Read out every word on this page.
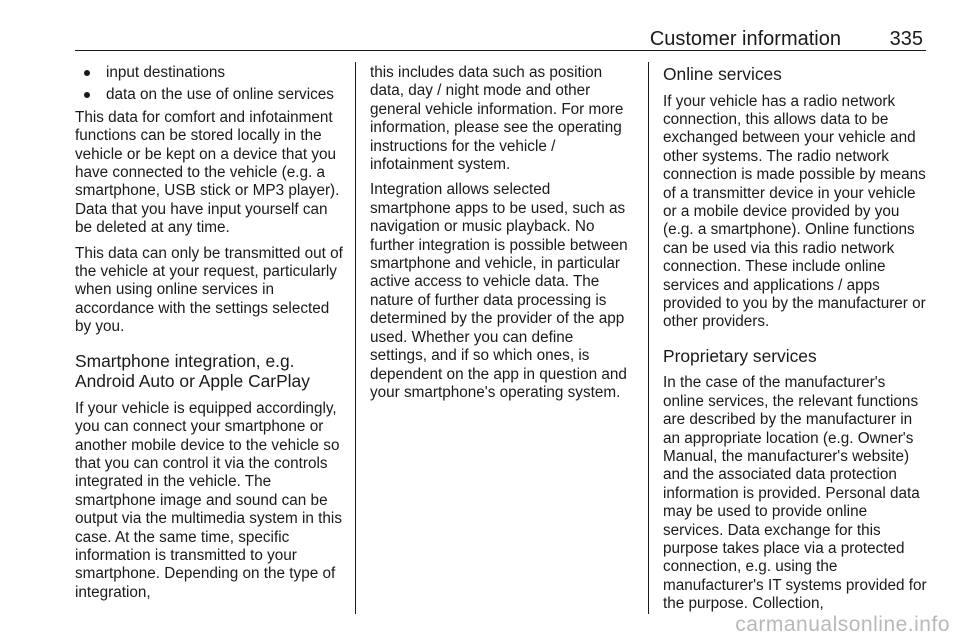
Customer information 335
input destinations
data on the use of online services

This data for comfort and infotainment functions can be stored locally in the vehicle or be kept on a device that you have connected to the vehicle (e.g. a smartphone, USB stick or MP3 player). Data that you have input yourself can be deleted at any time.

This data can only be transmitted out of the vehicle at your request, particularly when using online services in accordance with the settings selected by you.

Smartphone integration, e.g. Android Auto or Apple CarPlay

If your vehicle is equipped accordingly, you can connect your smartphone or another mobile device to the vehicle so that you can control it via the controls integrated in the vehicle. The smartphone image and sound can be output via the multimedia system in this case. At the same time, specific information is transmitted to your smartphone. Depending on the type of integration,

this includes data such as position data, day / night mode and other general vehicle information. For more information, please see the operating instructions for the vehicle / infotainment system.

Integration allows selected smartphone apps to be used, such as navigation or music playback. No further integration is possible between smartphone and vehicle, in particular active access to vehicle data. The nature of further data processing is determined by the provider of the app used. Whether you can define settings, and if so which ones, is dependent on the app in question and your smartphone's operating system.

Online services

If your vehicle has a radio network connection, this allows data to be exchanged between your vehicle and other systems. The radio network connection is made possible by means of a transmitter device in your vehicle or a mobile device provided by you (e.g. a smartphone). Online functions can be used via this radio network connection. These include online services and applications / apps provided to you by the manufacturer or other providers.

Proprietary services

In the case of the manufacturer's online services, the relevant functions are described by the manufacturer in an appropriate location (e.g. Owner's Manual, the manufacturer's website) and the associated data protection information is provided. Personal data may be used to provide online services. Data exchange for this purpose takes place via a protected connection, e.g. using the manufacturer's IT systems provided for the purpose. Collection,

carmanualsonline.info
